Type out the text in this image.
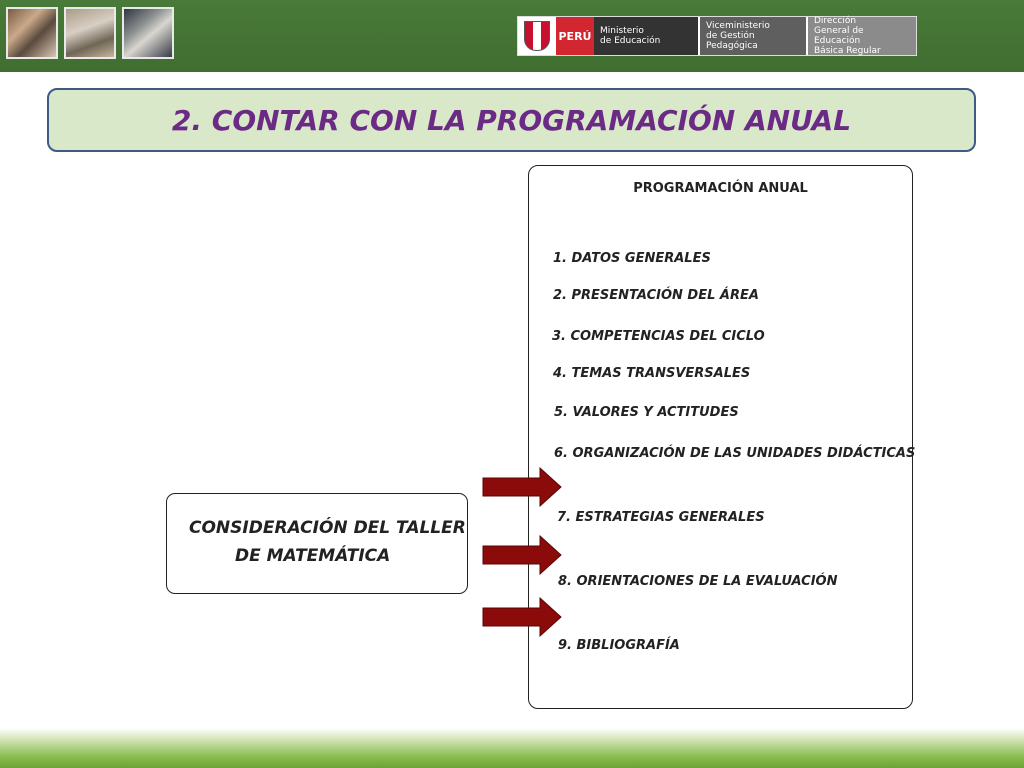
PERÚ Ministerio
de Educación
Viceministerio
de Gestión Pedagógica
Dirección
General de Educación
Básica Regular
2. CONTAR CON LA PROGRAMACIÓN ANUAL
PROGRAMACIÓN ANUAL
1. DATOS GENERALES
2. PRESENTACIÓN DEL ÁREA
3. COMPETENCIAS DEL CICLO
4. TEMAS TRANSVERSALES
5. VALORES Y ACTITUDES
6. ORGANIZACIÓN DE LAS UNIDADES DIDÁCTICAS
7. ESTRATEGIAS GENERALES
8. ORIENTACIONES DE LA EVALUACIÓN
9. BIBLIOGRAFÍA

CONSIDERACIÓN DEL TALLER
DE MATEMÁTICA
